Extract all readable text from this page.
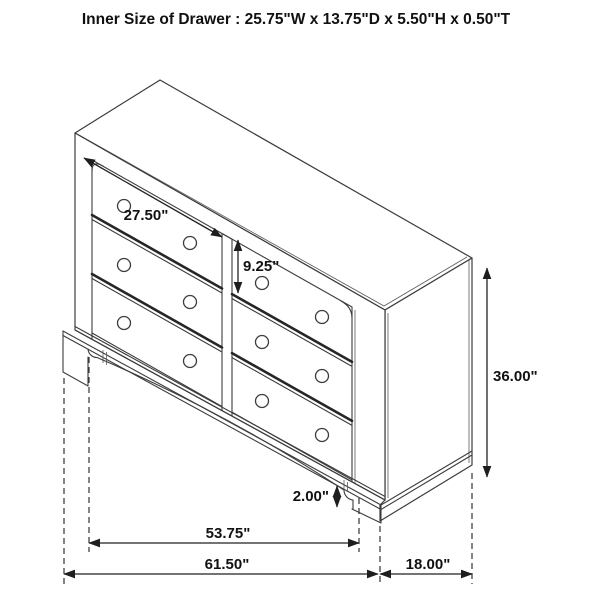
Inner Size of Drawer : 25.75"W x 13.75"D x 5.50"H x 0.50"T
27.50"
9.25"
36.00"
2.00"
53.75"
61.50"	18.00"
